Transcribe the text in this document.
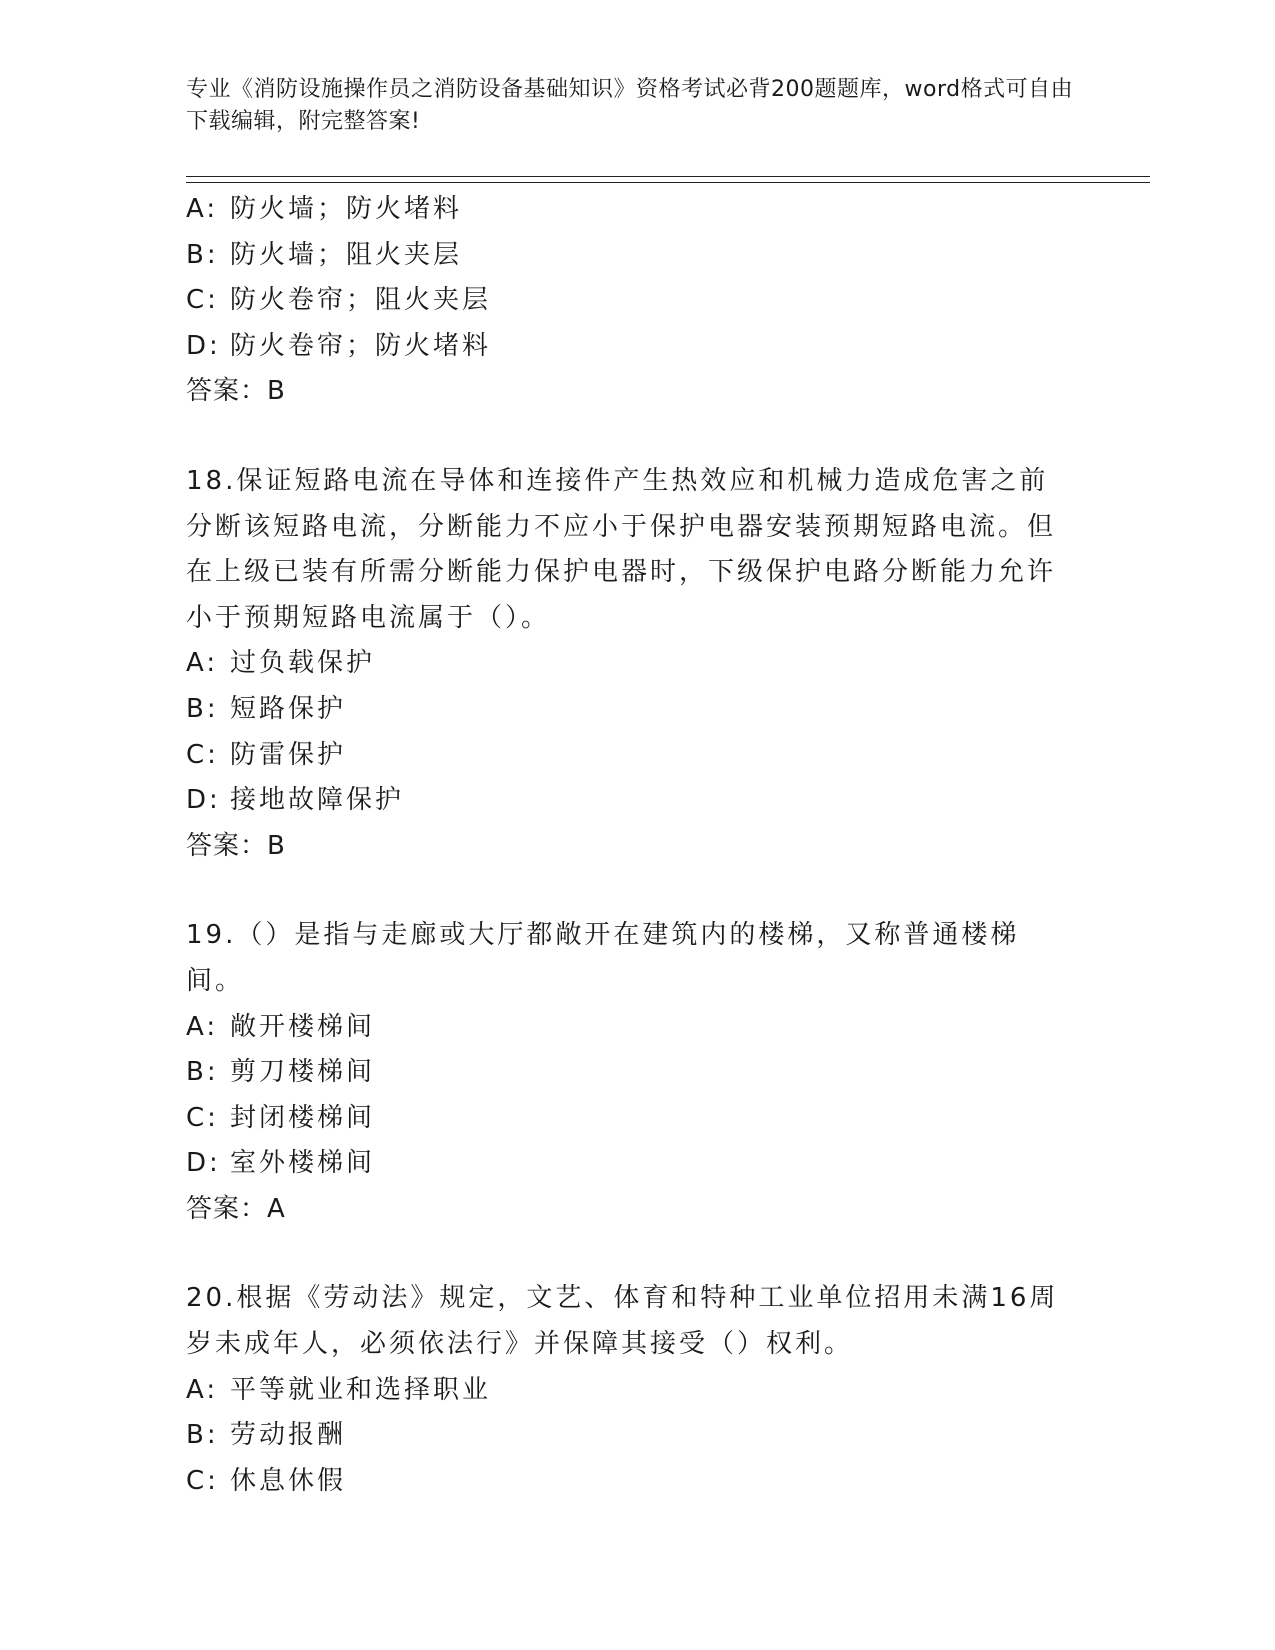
专业《消防设施操作员之消防设备基础知识》资格考试必背200题题库，word格式可自由下载编辑，附完整答案!
A: 防火墙；防火堵料
B: 防火墙；阻火夹层
C: 防火卷帘；阻火夹层
D: 防火卷帘；防火堵料
答案：B
18.保证短路电流在导体和连接件产生热效应和机械力造成危害之前分断该短路电流，分断能力不应小于保护电器安装预期短路电流。但在上级已装有所需分断能力保护电器时，下级保护电路分断能力允许小于预期短路电流属于（）。
A: 过负载保护
B: 短路保护
C: 防雷保护
D: 接地故障保护
答案：B
19.（）是指与走廊或大厅都敞开在建筑内的楼梯，又称普通楼梯间。
A: 敞开楼梯间
B: 剪刀楼梯间
C: 封闭楼梯间
D: 室外楼梯间
答案：A
20.根据《劳动法》规定，文艺、体育和特种工业单位招用未满16周岁未成年人，必须依法行》并保障其接受（）权利。
A: 平等就业和选择职业
B: 劳动报酬
C: 休息休假
